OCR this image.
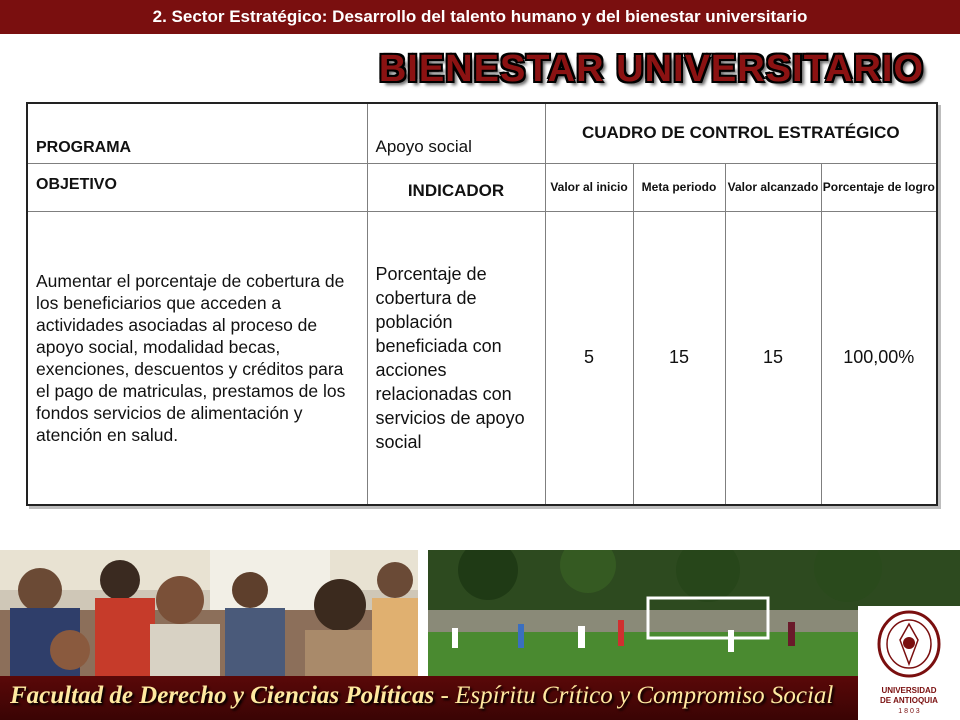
2. Sector Estratégico: Desarrollo del talento humano y del bienestar universitario
BIENESTAR UNIVERSITARIO
PROGRAMA	Apoyo social	CUADRO DE CONTROL ESTRATÉGICO			
OBJETIVO	INDICADOR	Valor al inicio	Meta periodo	Valor alcanzado	Porcentaje de logro
Aumentar el porcentaje de cobertura de los beneficiarios que acceden a actividades asociadas al proceso de apoyo social, modalidad becas, exenciones, descuentos y créditos para el pago de matriculas, prestamos de los fondos servicios de alimentación y atención en salud.	Porcentaje de cobertura de población beneficiada con acciones relacionadas con servicios de apoyo social	5	15	15	100,00%
Facultad de Derecho y Ciencias Políticas - Espíritu Crítico y Compromiso Social	UNIVERSIDAD
DE ANTIOQUIA
1 8 0 3
